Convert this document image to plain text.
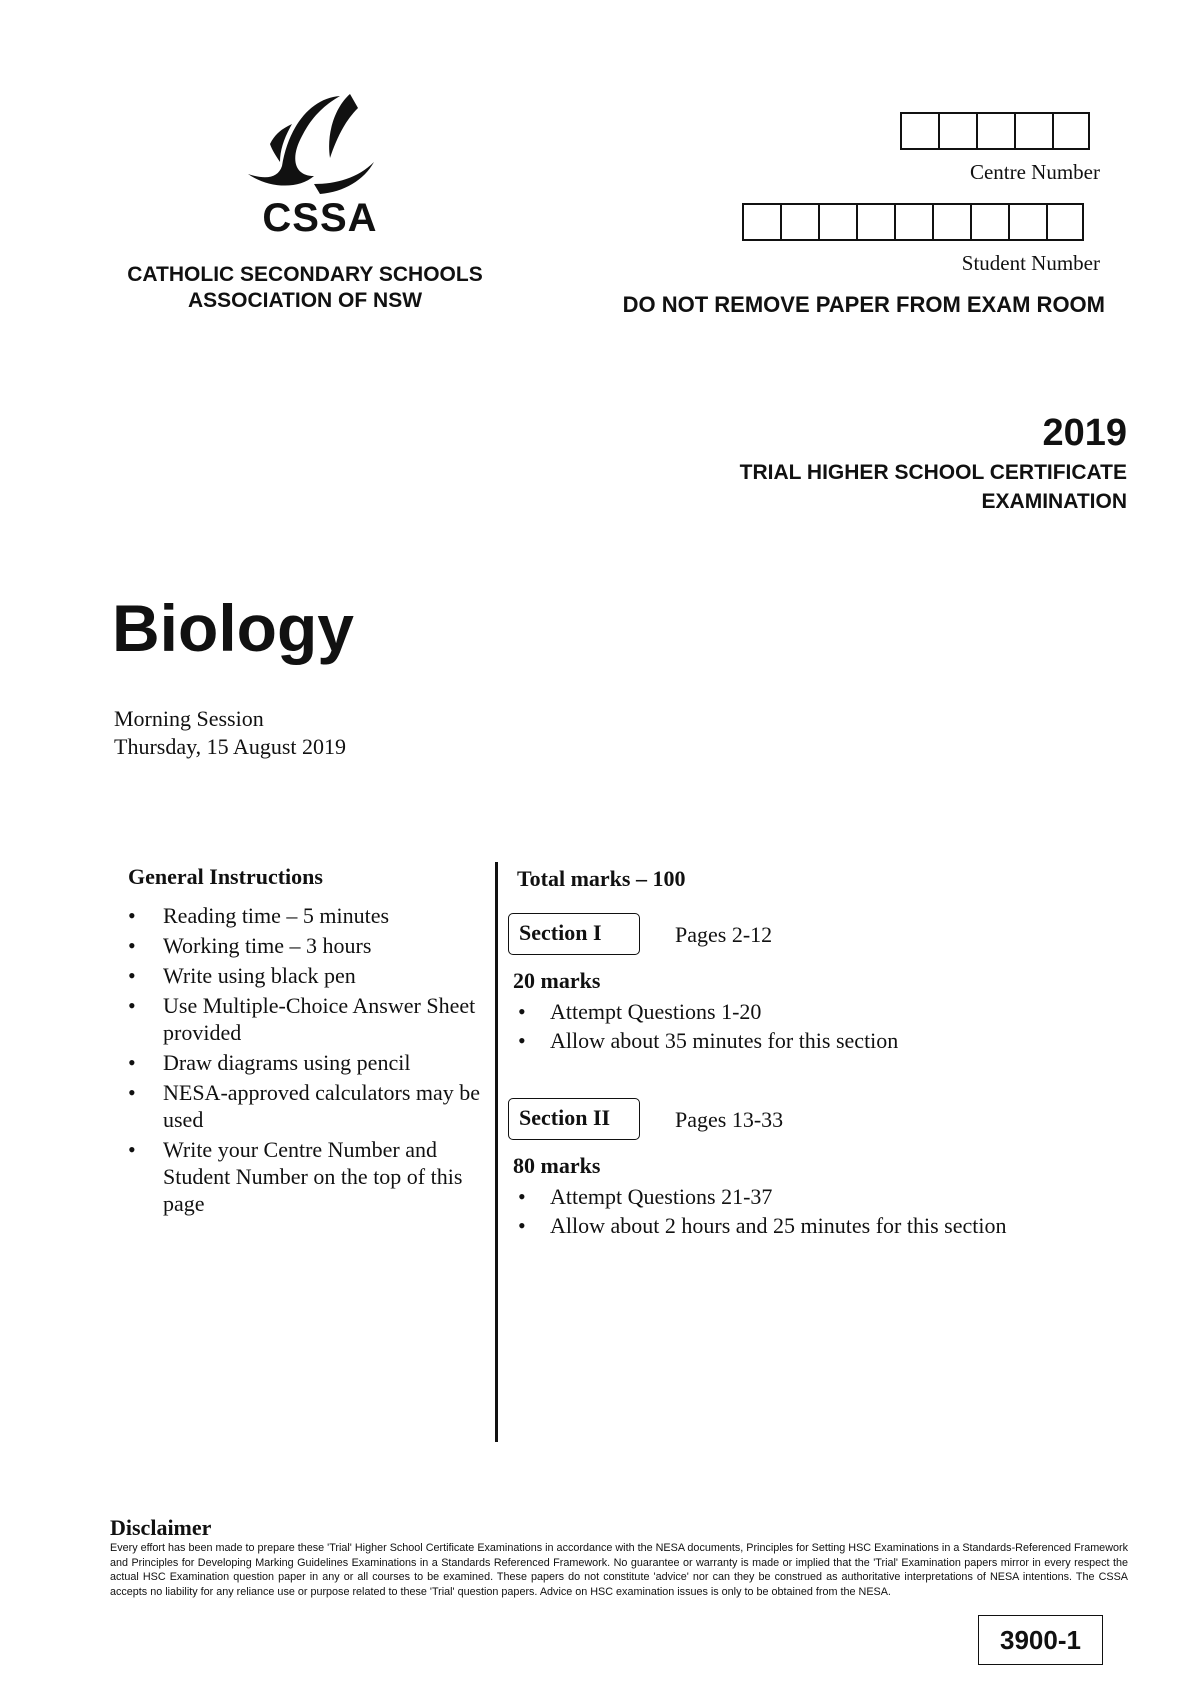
CSSA
CATHOLIC SECONDARY SCHOOLS
ASSOCIATION OF NSW
Centre Number
Student Number
DO NOT REMOVE PAPER FROM EXAM ROOM
2019
TRIAL HIGHER SCHOOL CERTIFICATE
EXAMINATION
Biology
Morning Session
Thursday, 15 August 2019
General Instructions
• Reading time – 5 minutes
• Working time – 3 hours
• Write using black pen
• Use Multiple-Choice Answer Sheet provided
• Draw diagrams using pencil
• NESA-approved calculators may be used
• Write your Centre Number and Student Number on the top of this page
Total marks – 100
Section I	Pages 2-12
20 marks
• Attempt Questions 1-20
• Allow about 35 minutes for this section
Section II	Pages 13-33
80 marks
• Attempt Questions 21-37
• Allow about 2 hours and 25 minutes for this section
Disclaimer
Every effort has been made to prepare these 'Trial' Higher School Certificate Examinations in accordance with the NESA documents, Principles for Setting HSC Examinations in a Standards-Referenced Framework and Principles for Developing Marking Guidelines Examinations in a Standards Referenced Framework. No guarantee or warranty is made or implied that the 'Trial' Examination papers mirror in every respect the actual HSC Examination question paper in any or all courses to be examined. These papers do not constitute 'advice' nor can they be construed as authoritative interpretations of NESA intentions. The CSSA accepts no liability for any reliance use or purpose related to these 'Trial' question papers. Advice on HSC examination issues is only to be obtained from the NESA.
3900-1
